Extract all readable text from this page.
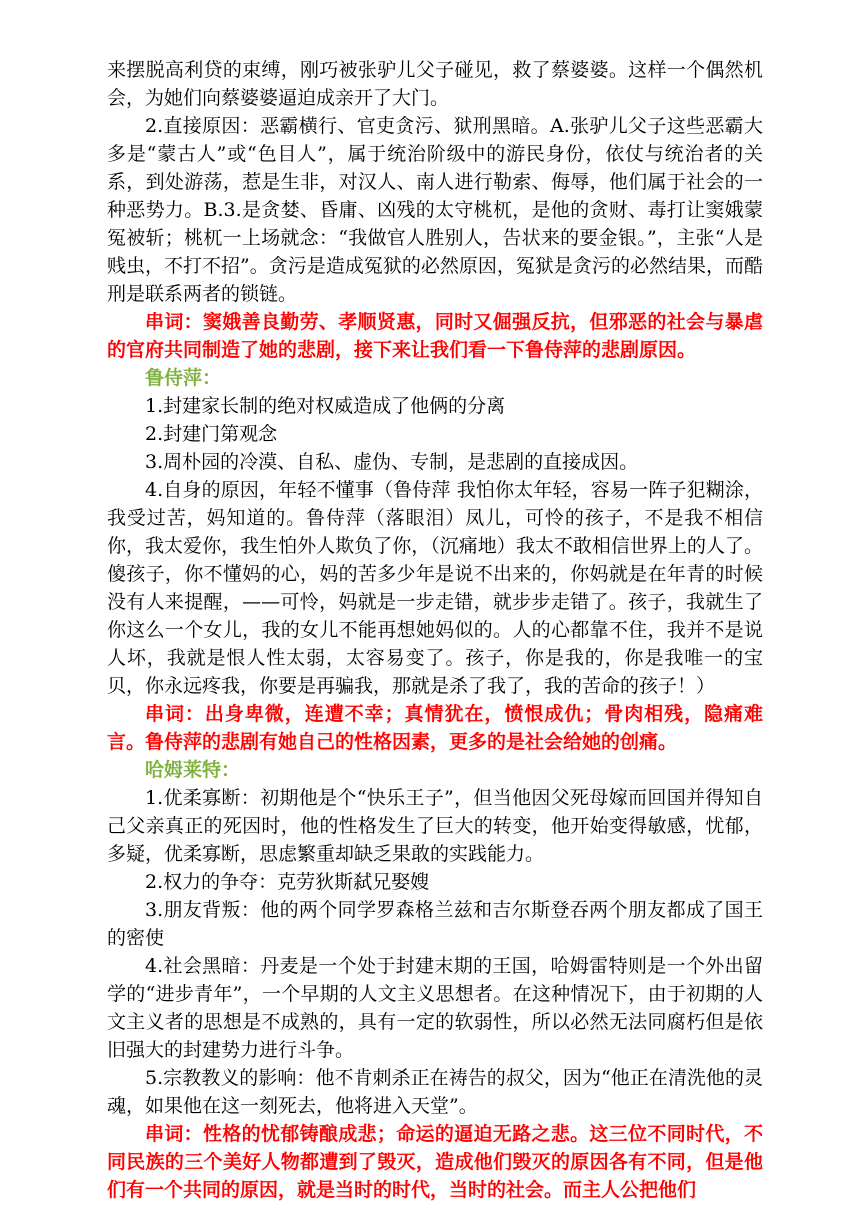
来摆脱高利贷的束缚，刚巧被张驴儿父子碰见，救了蔡婆婆。这样一个偶然机会，为她们向蔡婆婆逼迫成亲开了大门。

2.直接原因：恶霸横行、官吏贪污、狱刑黑暗。A.张驴儿父子这些恶霸大多是“蒙古人”或“色目人”，属于统治阶级中的游民身份，依仗与统治者的关系，到处游荡，惹是生非，对汉人、南人进行勒索、侮辱，他们属于社会的一种恶势力。B.3.是贪婪、昏庸、凶残的太守桃杌，是他的贪财、毒打让窦娥蒙冤被斩；桃杌一上场就念：“我做官人胜别人，告状来的要金银。”，主张“人是贱虫，不打不招”。贪污是造成冤狱的必然原因，冤狱是贪污的必然结果，而酷刑是联系两者的锁链。

串词：窦娥善良勤劳、孝顺贤惠，同时又倔强反抗，但邪恶的社会与暴虐的官府共同制造了她的悲剧，接下来让我们看一下鲁侍萍的悲剧原因。

鲁侍萍：

1.封建家长制的绝对权威造成了他俩的分离

2.封建门第观念

3.周朴园的冷漠、自私、虚伪、专制，是悲剧的直接成因。

4.自身的原因，年轻不懂事（鲁侍萍 我怕你太年轻，容易一阵子犯糊涂，我受过苦，妈知道的。鲁侍萍（落眼泪）凤儿，可怜的孩子，不是我不相信你，我太爱你，我生怕外人欺负了你，（沉痛地）我太不敢相信世界上的人了。傻孩子，你不懂妈的心，妈的苦多少年是说不出来的，你妈就是在年青的时候没有人来提醒，——可怜，妈就是一步走错，就步步走错了。孩子，我就生了你这么一个女儿，我的女儿不能再想她妈似的。人的心都靠不住，我并不是说人坏，我就是恨人性太弱，太容易变了。孩子，你是我的，你是我唯一的宝贝，你永远疼我，你要是再骗我，那就是杀了我了，我的苦命的孩子！）

串词：出身卑微，连遭不幸；真情犹在，愤恨成仇；骨肉相残，隐痛难言。鲁侍萍的悲剧有她自己的性格因素，更多的是社会给她的创痛。

哈姆莱特：

1.优柔寡断：初期他是个“快乐王子”，但当他因父死母嫁而回国并得知自己父亲真正的死因时，他的性格发生了巨大的转变，他开始变得敏感，忧郁，多疑，优柔寡断，思虑繁重却缺乏果敢的实践能力。

2.权力的争夺：克劳狄斯弑兄娶嫂

3.朋友背叛：他的两个同学罗森格兰兹和吉尔斯登吞两个朋友都成了国王的密使

4.社会黑暗：丹麦是一个处于封建末期的王国，哈姆雷特则是一个外出留学的“进步青年”，一个早期的人文主义思想者。在这种情况下，由于初期的人文主义者的思想是不成熟的，具有一定的软弱性，所以必然无法同腐朽但是依旧强大的封建势力进行斗争。

5.宗教教义的影响：他不肯刺杀正在祷告的叔父，因为“他正在清洗他的灵魂，如果他在这一刻死去，他将进入天堂”。

串词：性格的忧郁铸酿成悲；命运的逼迫无路之悲。这三位不同时代，不同民族的三个美好人物都遭到了毁灭，造成他们毁灭的原因各有不同，但是他们有一个共同的原因，就是当时的时代，当时的社会。而主人公把他们
